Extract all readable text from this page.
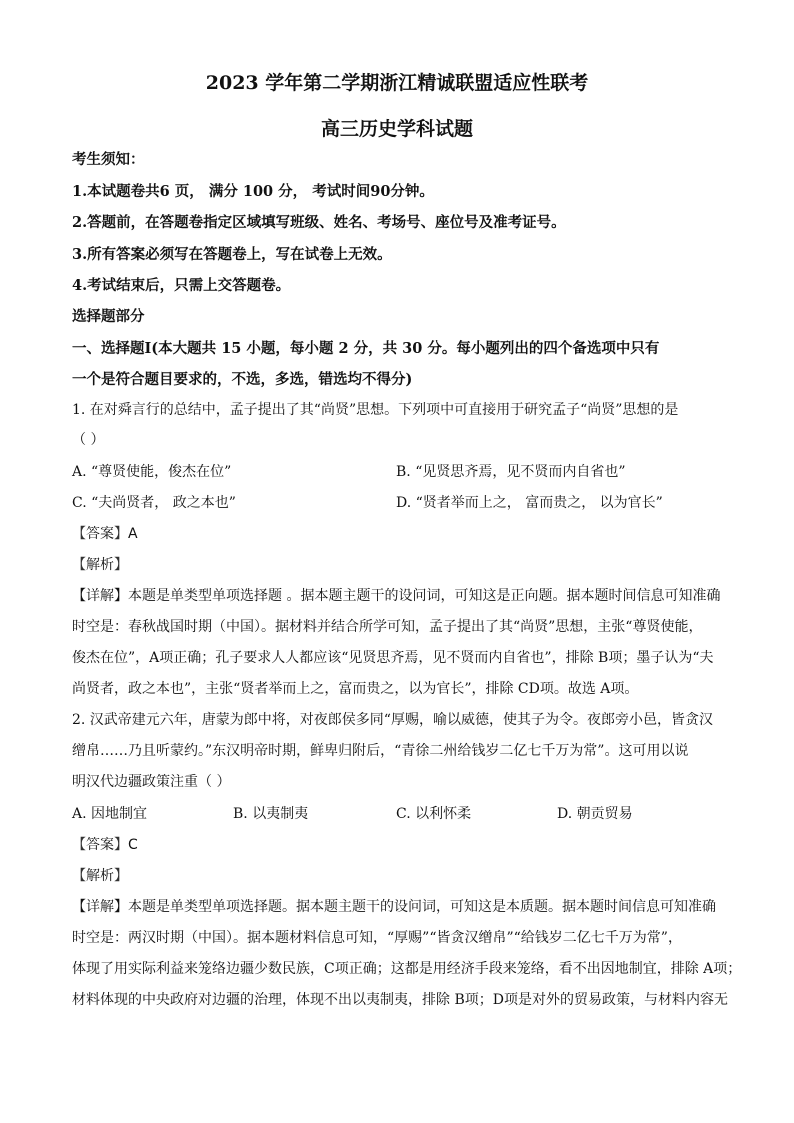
2023 学年第二学期浙江精诚联盟适应性联考
高三历史学科试题
考生须知：
1.本试题卷共6 页， 满分 100 分， 考试时间90分钟。
2.答题前，在答题卷指定区域填写班级、姓名、考场号、座位号及准考证号。
3.所有答案必须写在答题卷上，写在试卷上无效。
4.考试结束后，只需上交答题卷。
选择题部分
一、选择题Ⅰ(本大题共 15 小题，每小题 2 分，共 30 分。每小题列出的四个备选项中只有
一个是符合题目要求的，不选，多选，错选均不得分)
1. 在对舜言行的总结中，孟子提出了其“尚贤”思想。下列项中可直接用于研究孟子“尚贤”思想的是
（ ）
A. “尊贤使能，俊杰在位”	B. “见贤思齐焉，见不贤而内自省也”
C. “夫尚贤者， 政之本也”	D. “贤者举而上之， 富而贵之， 以为官长”
【答案】A
【解析】
【详解】本题是单类型单项选择题 。据本题主题干的设问词，可知这是正向题。据本题时间信息可知准确
时空是：春秋战国时期（中国）。据材料并结合所学可知，孟子提出了其“尚贤”思想，主张“尊贤使能，
俊杰在位”，A项正确；孔子要求人人都应该“见贤思齐焉，见不贤而内自省也”，排除 B项；墨子认为“夫
尚贤者，政之本也”，主张“贤者举而上之，富而贵之，以为官长”，排除 CD项。故选 A项。
2. 汉武帝建元六年，唐蒙为郎中将，对夜郎侯多同“厚赐，喻以威德，使其子为令。夜郎旁小邑，皆贪汉
缯帛……乃且听蒙约。”东汉明帝时期，鲜卑归附后，“青徐二州给钱岁二亿七千万为常”。这可用以说
明汉代边疆政策注重（ ）
A. 因地制宜	B. 以夷制夷	C. 以利怀柔	D. 朝贡贸易
【答案】C
【解析】
【详解】本题是单类型单项选择题。据本题主题干的设问词，可知这是本质题。据本题时间信息可知准确
时空是：两汉时期（中国）。据本题材料信息可知，“厚赐”“皆贪汉缯帛”“给钱岁二亿七千万为常”，
体现了用实际利益来笼络边疆少数民族，C项正确；这都是用经济手段来笼络，看不出因地制宜，排除 A项；
材料体现的中央政府对边疆的治理，体现不出以夷制夷，排除 B项；D项是对外的贸易政策，与材料内容无
